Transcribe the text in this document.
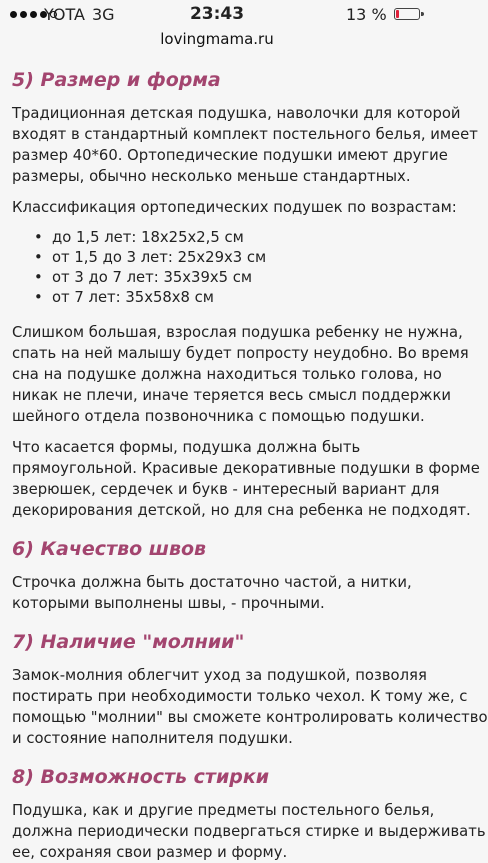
YOTA 3G	23:43	13 %
lovingmama.ru
5) Размер и форма

Традиционная детская подушка, наволочки для которой
входят в стандартный комплект постельного белья, имеет
размер 40*60. Ортопедические подушки имеют другие
размеры, обычно несколько меньше стандартных.

Классификация ортопедических подушек по возрастам:

• до 1,5 лет: 18х25х2,5 см
• от 1,5 до 3 лет: 25х29х3 см
• от 3 до 7 лет: 35х39х5 см
• от 7 лет: 35х58х8 см

Слишком большая, взрослая подушка ребенку не нужна,
спать на ней малышу будет попросту неудобно. Во время
сна на подушке должна находиться только голова, но
никак не плечи, иначе теряется весь смысл поддержки
шейного отдела позвоночника с помощью подушки.

Что касается формы, подушка должна быть
прямоугольной. Красивые декоративные подушки в форме
зверюшек, сердечек и букв - интересный вариант для
декорирования детской, но для сна ребенка не подходят.

6) Качество швов

Строчка должна быть достаточно частой, а нитки,
которыми выполнены швы, - прочными.

7) Наличие "молнии"

Замок-молния облегчит уход за подушкой, позволяя
постирать при необходимости только чехол. К тому же, с
помощью "молнии" вы сможете контролировать количество
и состояние наполнителя подушки.

8) Возможность стирки

Подушка, как и другие предметы постельного белья,
должна периодически подвергаться стирке и выдерживать
ее, сохраняя свои размер и форму.
